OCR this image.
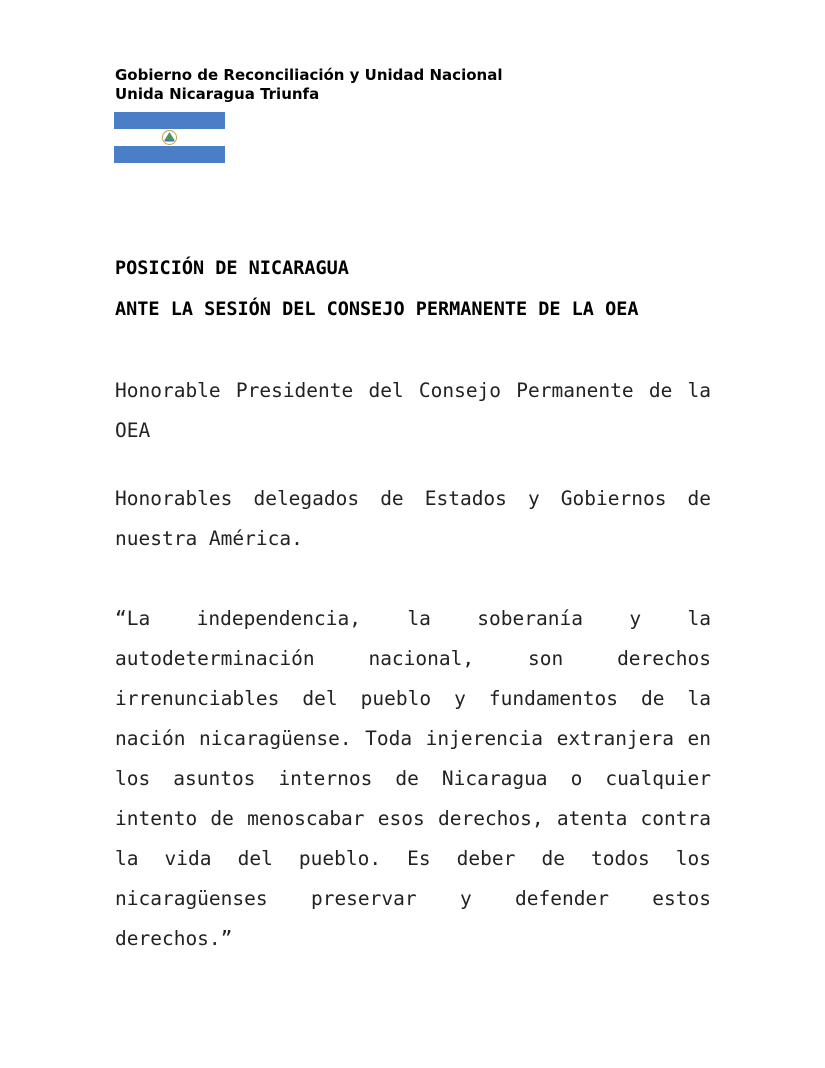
Gobierno de Reconciliación y Unidad Nacional
Unida Nicaragua Triunfa
POSICIÓN DE NICARAGUA
ANTE LA SESIÓN DEL CONSEJO PERMANENTE DE LA OEA
Honorable Presidente del Consejo Permanente de la OEA
Honorables delegados de Estados y Gobiernos de nuestra América.
“La independencia, la soberanía y la autodeterminación nacional, son derechos irrenunciables del pueblo y fundamentos de la nación nicaragüense. Toda injerencia extranjera en los asuntos internos de Nicaragua o cualquier intento de menoscabar esos derechos, atenta contra la vida del pueblo. Es deber de todos los nicaragüenses preservar y defender estos derechos.”
